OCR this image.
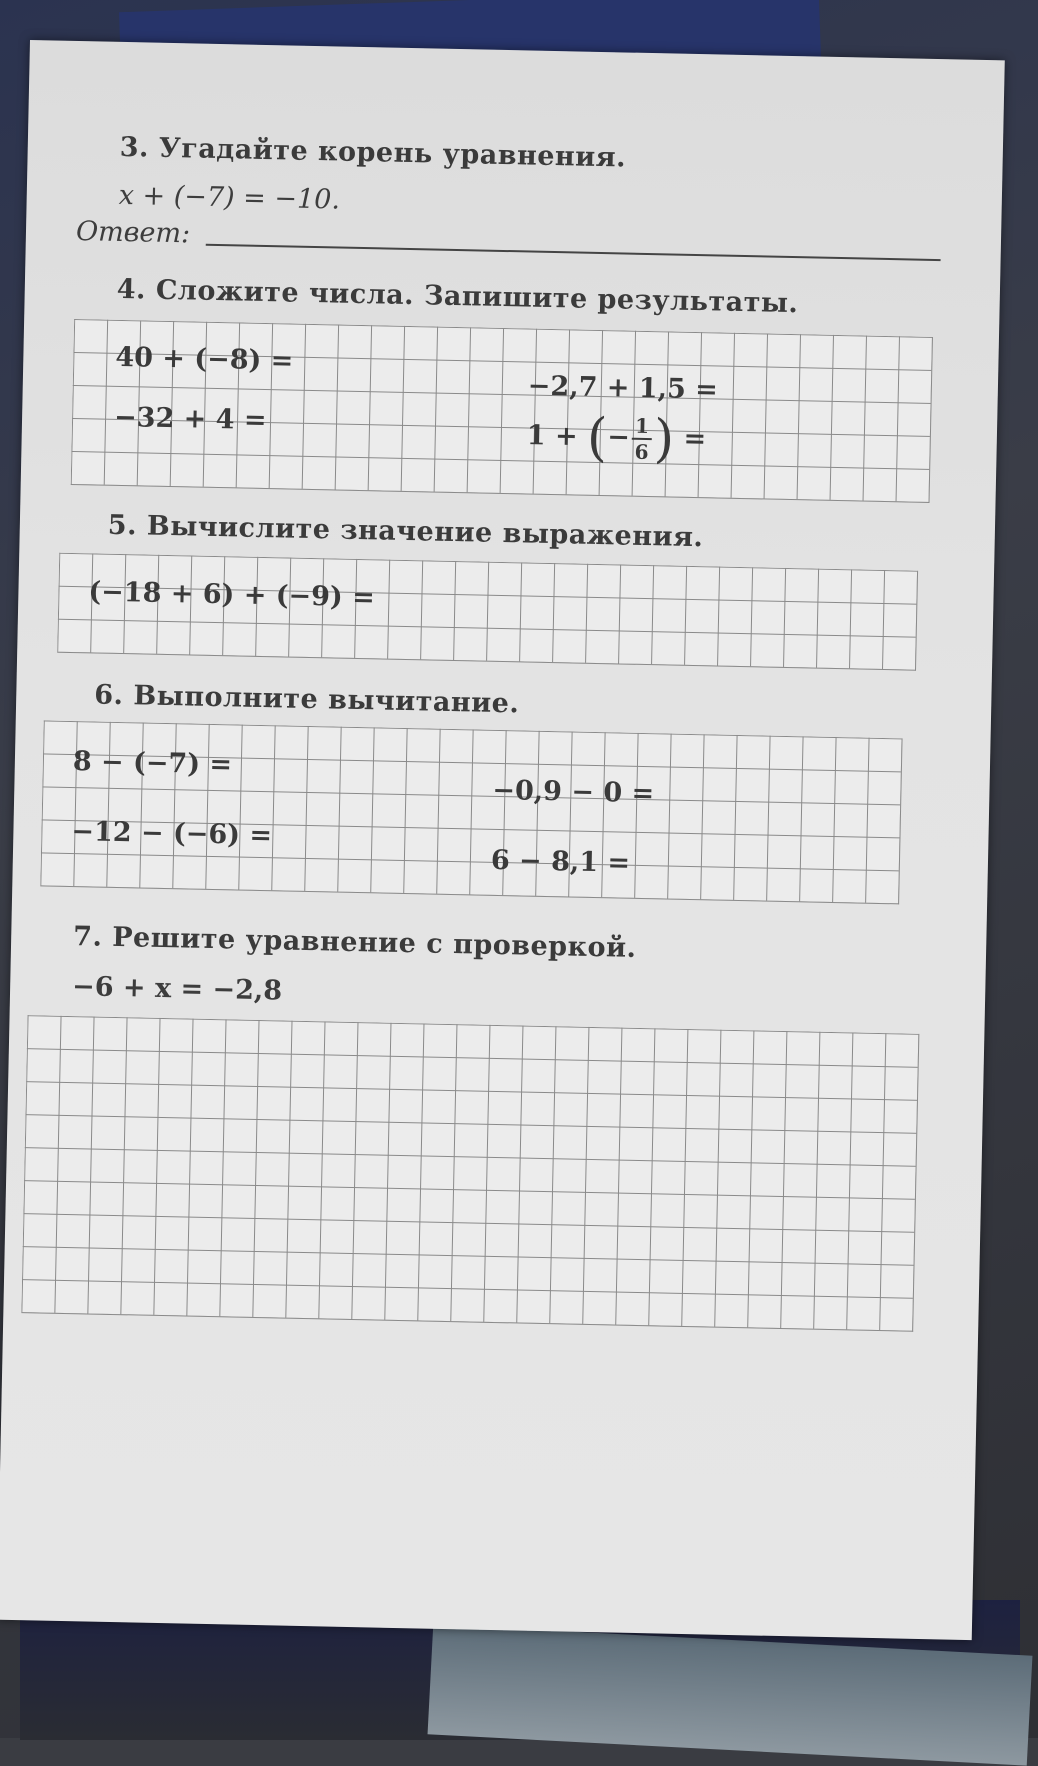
3. Угадайте корень уравнения.
x + (−7) = −10.
Ответ:
4. Сложите числа. Запишите результаты.
40 + (−8) =
−2,7 + 1,5 =
−32 + 4 =	1 + (− $\frac{1}{6}$ ) =
5. Вычислите значение выражения.
(−18 + 6) + (−9) =
6. Выполните вычитание.
8 − (−7) =
−0,9 − 0 =
−12 − (−6) =
6 − 8,1 =
7. Решите уравнение с проверкой.
−6 + x = −2,8
